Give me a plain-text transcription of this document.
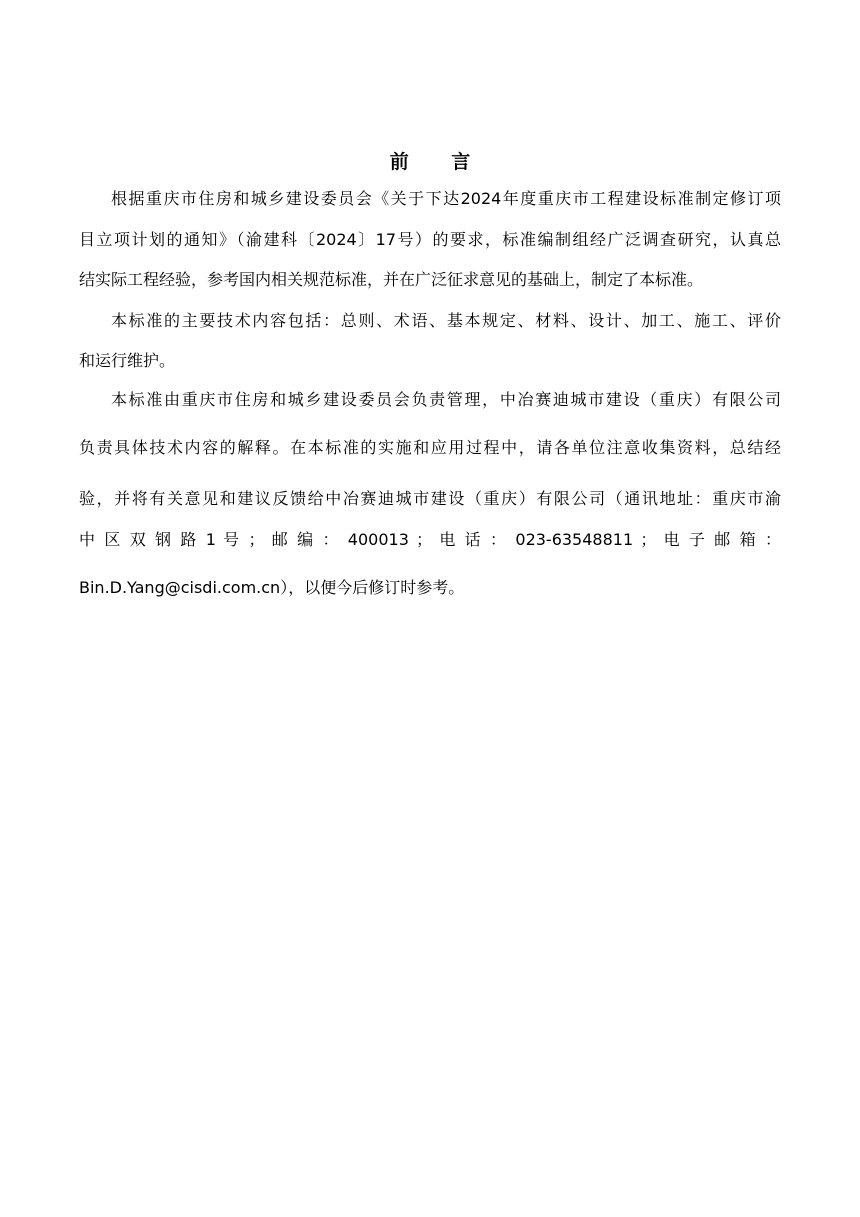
前 言
根据重庆市住房和城乡建设委员会《关于下达2024年度重庆市工程建设标准制定修订项
目立项计划的通知》（渝建科〔2024〕17号）的要求，标准编制组经广泛调查研究，认真总
结实际工程经验，参考国内相关规范标准，并在广泛征求意见的基础上，制定了本标准。
本标准的主要技术内容包括：总则、术语、基本规定、材料、设计、加工、施工、评价
和运行维护。
本标准由重庆市住房和城乡建设委员会负责管理，中冶赛迪城市建设（重庆）有限公司
负责具体技术内容的解释。在本标准的实施和应用过程中，请各单位注意收集资料，总结经
验，并将有关意见和建议反馈给中冶赛迪城市建设（重庆）有限公司（通讯地址：重庆市渝
中 区 双 钢 路 1 号 ； 邮 编 ： 400013 ； 电 话 ： 023-63548811 ； 电 子 邮 箱 ：
Bin.D.Yang@cisdi.com.cn），以便今后修订时参考。
